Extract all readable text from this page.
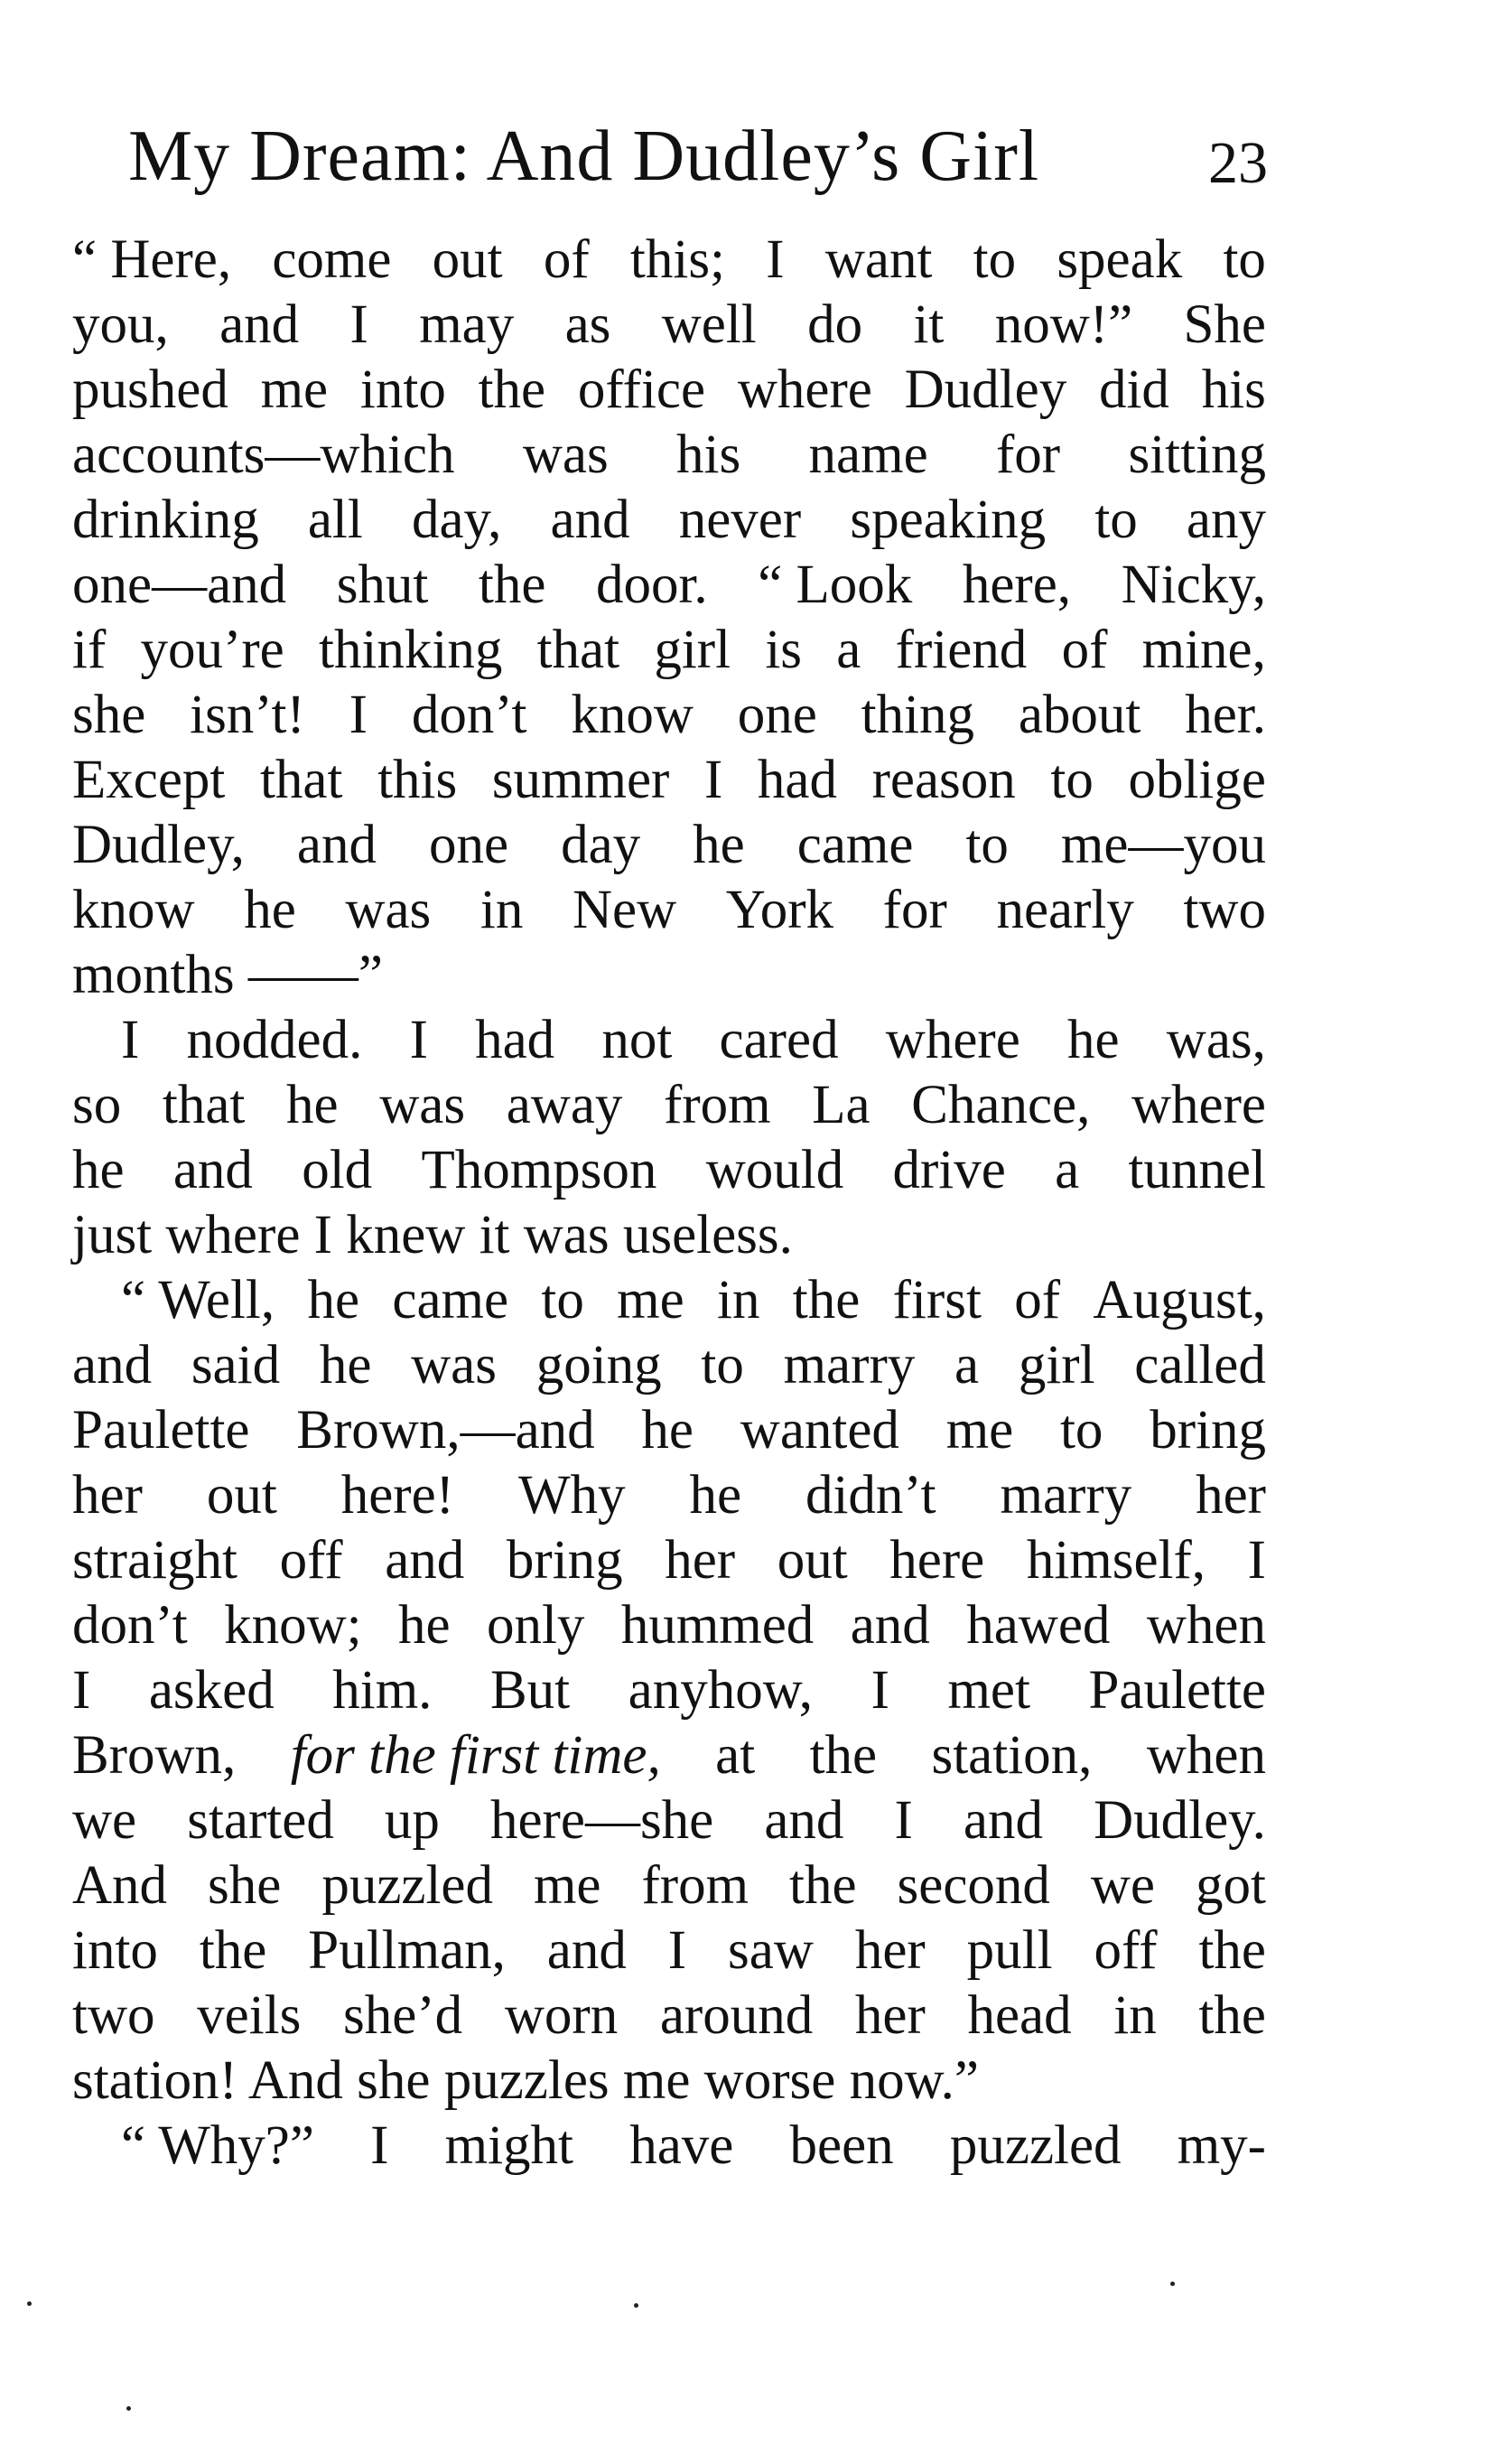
My Dream: And Dudley’s Girl	23
“ Here, come out of this; I want to speak to
you, and I may as well do it now!” She
pushed me into the office where Dudley did his
accounts—which was his name for sitting
drinking all day, and never speaking to any
one—and shut the door. “ Look here, Nicky,
if you’re thinking that girl is a friend of mine,
she isn’t! I don’t know one thing about her.
Except that this summer I had reason to oblige
Dudley, and one day he came to me—you
know he was in New York for nearly two
months ——”
I nodded. I had not cared where he was,
so that he was away from La Chance, where
he and old Thompson would drive a tunnel
just where I knew it was useless.
“ Well, he came to me in the first of August,
and said he was going to marry a girl called
Paulette Brown,—and he wanted me to bring
her out here! Why he didn’t marry her
straight off and bring her out here himself, I
don’t know; he only hummed and hawed when
I asked him. But anyhow, I met Paulette
Brown, for the first time, at the station, when
we started up here—she and I and Dudley.
And she puzzled me from the second we got
into the Pullman, and I saw her pull off the
two veils she’d worn around her head in the
station! And she puzzles me worse now.”
“ Why?” I might have been puzzled my-
